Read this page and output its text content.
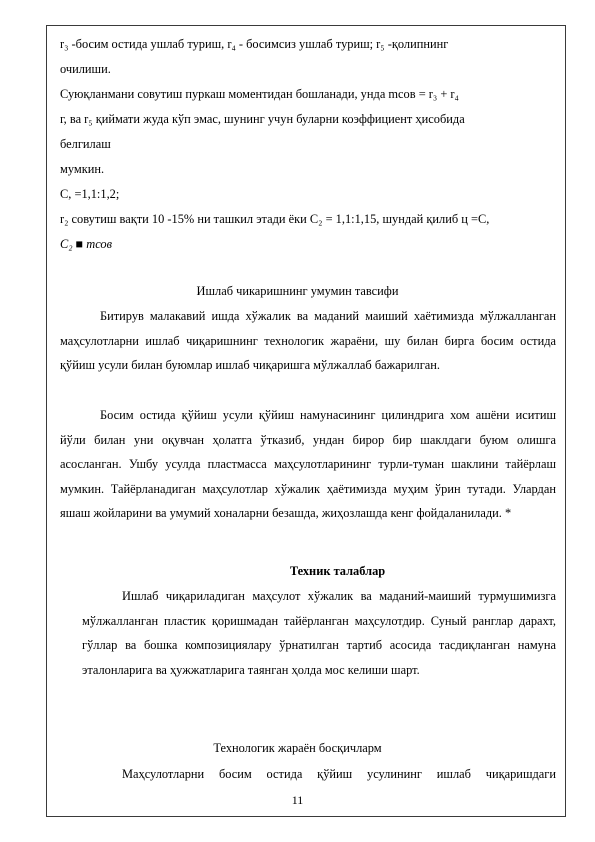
r₃ -босим остида ушлаб туриш, r₄ - босимсиз ушлаб туриш; r₅ -қолипнинг
очилиши.
Суюқланмани совутиш пуркаш моментидан бошланади, унда mсов = r₃ + r₄
г, ва r₅ қиймати жуда кўп эмас, шунинг учун буларни коэффициент ҳисобида
белгилаш
мумкин.
C, =1,1:1,2;
r₂ совутиш вақти 10 -15% ни ташкил этади ёки C₂ = 1,1:1,15, шундай қилиб ц =C,
C₂ ■ mсов
Ишлаб чикаришнинг умумин тавсифи
Битирув малакавий ишда хўжалик ва маданий маиший хаётимизда мўлжалланган маҳсулотларни ишлаб чиқаришнинг технологик жараёни, шу билан бирга босим остида қўйиш усули билан буюмлар ишлаб чиқаришга мўлжаллаб бажарилган.
Босим остида қўйиш усули қўйиш намунасининг цилиндрига хом ашёни иситиш йўли билан уни оқувчан ҳолатга ўтказиб, ундан бирор бир шаклдаги буюм олишга асосланган. Ушбу усулда пластмасса маҳсулотларининг турли-туман шаклини тайёрлаш мумкин. Тайёрланадиган маҳсулотлар хўжалик ҳаётимизда муҳим ўрин тутади. Улардан яшаш жойларини ва умумий хоналарни безашда, жиҳозлашда кенг фойдаланилади. *
Техник талаблар
Ишлаб чиқариладиган маҳсулот хўжалик ва маданий-маиший турмушимизга мўлжалланган пластик қоришмадан тайёрланган маҳсулотдир. Суный ранглар дарахт, гўллар ва бошка композициялару ўрнатилган тартиб асосида тасдиқланган намуна эталонларига ва ҳужжатларига таянган ҳолда мос келиши шарт.
Технологик жараён босқичларм
Маҳсулотларни босим остида қўйиш усулининг ишлаб чиқаришдаги
11
